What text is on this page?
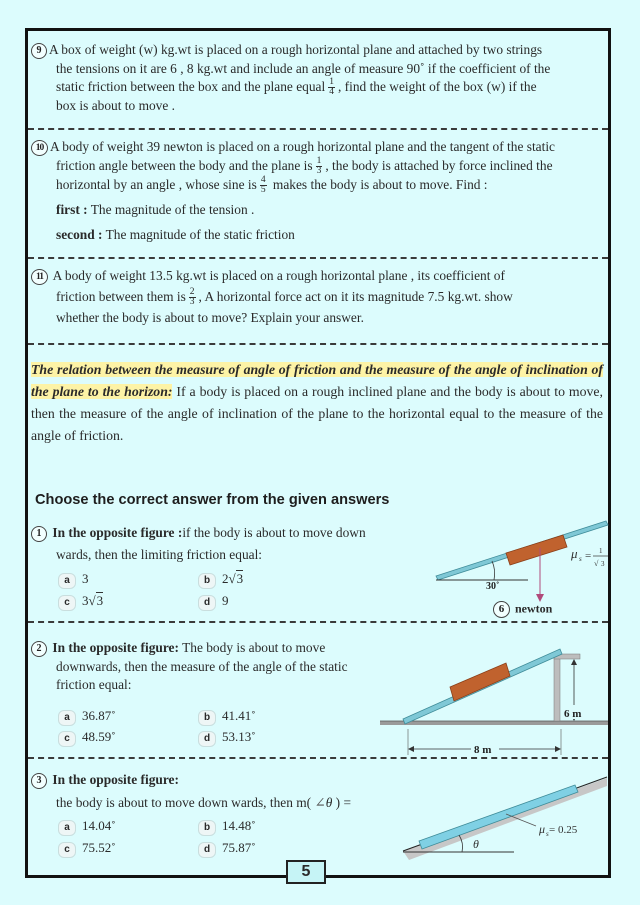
9 A box of weight (w) kg.wt is placed on a rough horizontal plane and attached by two strings
the tensions on it are 6 , 8 kg.wt and include an angle of measure 90˚ if the coefficient of the
static friction between the box and the plane equal $\frac{1}{4}$ , find the weight of the box (w) if the
box is about to move .
10 A body of weight 39 newton is placed on a rough horizontal plane and the tangent of the static
friction angle between the body and the plane is $\frac{1}{3}$ , the body is attached by force inclined the
horizontal by an angle , whose sine is $\frac{4}{5}$ makes the body is about to move. Find :
first : The magnitude of the tension .
second : The magnitude of the static friction
11 A body of weight 13.5 kg.wt is placed on a rough horizontal plane , its coefficient of
friction between them is $\frac{2}{3}$ , A horizontal force act on it its magnitude 7.5 kg.wt. show
whether the body is about to move? Explain your answer.
The relation between the measure of angle of friction and the measure of the angle of inclination of the plane to the horizon: If a body is placed on a rough inclined plane and the body is about to move, then the measure of the angle of inclination of the plane to the horizontal equal to the measure of the angle of friction.
Choose the correct answer from the given answers
1 In the opposite figure :if the body is about to move down
wards, then the limiting friction equal:
a 3	b 2√3
c 3√3	d 9
30˚
μ s = 1
√ 3
6 newton
2 In the opposite figure: The body is about to move
downwards, then the measure of the angle of the static
friction equal:
a 36.87˚	b 41.41˚
c 48.59˚	d 53.13˚
6 m
8 m
3 In the opposite figure:
the body is about to move down wards, then m( ∠θ ) =
a 14.04˚	b 14.48˚
c 75.52˚	d 75.87˚	θ
μ s = 0.25
5
